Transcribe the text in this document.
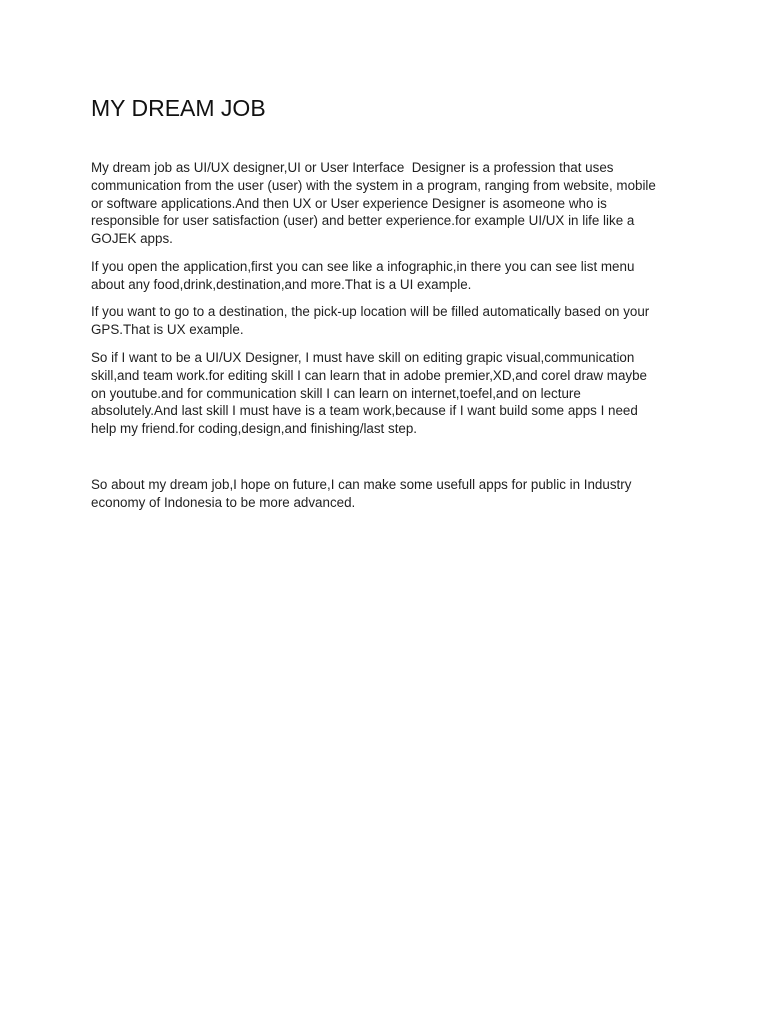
MY DREAM JOB

My dream job as UI/UX designer,UI or User Interface  Designer is a profession that uses
communication from the user (user) with the system in a program, ranging from website, mobile
or software applications.And then UX or User experience Designer is asomeone who is
responsible for user satisfaction (user) and better experience.for example UI/UX in life like a
GOJEK apps.

If you open the application,first you can see like a infographic,in there you can see list menu
about any food,drink,destination,and more.That is a UI example.

If you want to go to a destination, the pick-up location will be filled automatically based on your
GPS.That is UX example.

So if I want to be a UI/UX Designer, I must have skill on editing grapic visual,communication
skill,and team work.for editing skill I can learn that in adobe premier,XD,and corel draw maybe
on youtube.and for communication skill I can learn on internet,toefel,and on lecture
absolutely.And last skill I must have is a team work,because if I want build some apps I need
help my friend.for coding,design,and finishing/last step.

So about my dream job,I hope on future,I can make some usefull apps for public in Industry
economy of Indonesia to be more advanced.
